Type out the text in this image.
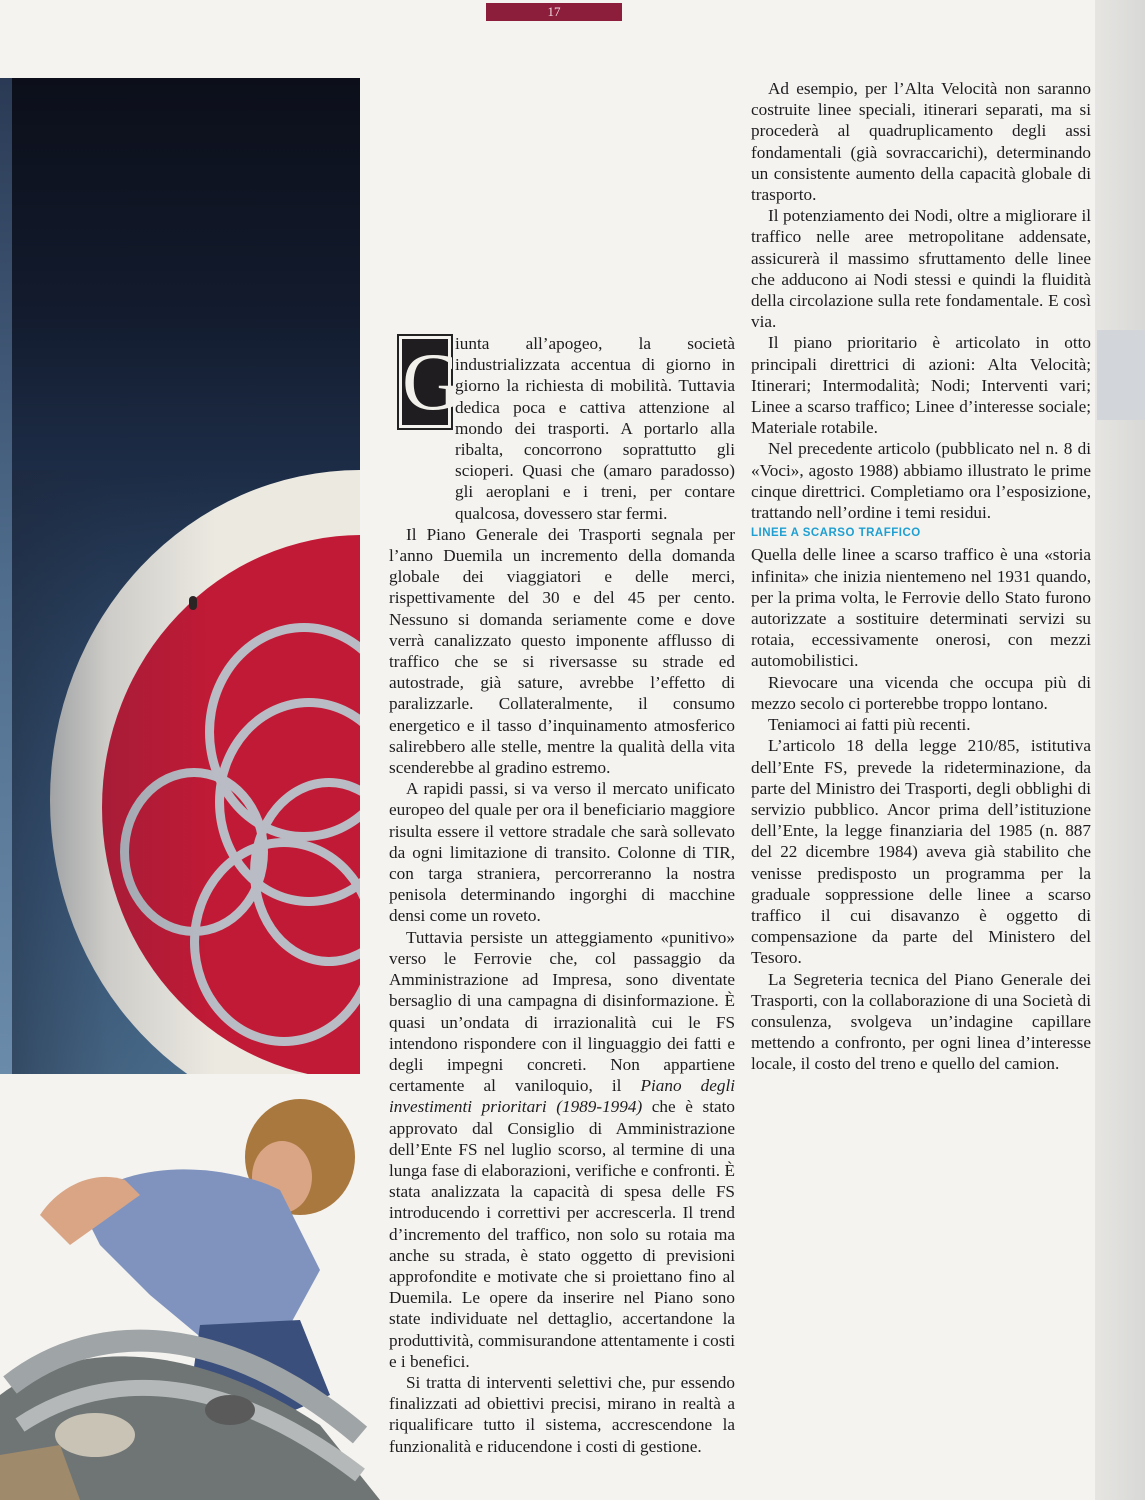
17
G

iunta all’apogeo, la società industrializzata accentua di giorno in giorno la richiesta di mobilità. Tuttavia dedica poca e cattiva attenzione al mondo dei trasporti. A portarlo alla ribalta, concorrono soprattutto gli scioperi. Quasi che (amaro paradosso) gli aeroplani e i treni, per contare qualcosa, dovessero star fermi.

Il Piano Generale dei Trasporti segnala per l’anno Duemila un incremento della domanda globale dei viaggiatori e delle merci, rispettivamente del 30 e del 45 per cento. Nessuno si domanda seriamente come e dove verrà canalizzato questo imponente afflusso di traffico che se si riversasse su strade ed autostrade, già sature, avrebbe l’effetto di paralizzarle. Collateralmente, il consumo energetico e il tasso d’inquinamento atmosferico salirebbero alle stelle, mentre la qualità della vita scenderebbe al gradino estremo.

A rapidi passi, si va verso il mercato unificato europeo del quale per ora il beneficiario maggiore risulta essere il vettore stradale che sarà sollevato da ogni limitazione di transito. Colonne di TIR, con targa straniera, percorreranno la nostra penisola determinando ingorghi di macchine densi come un roveto.

Tuttavia persiste un atteggiamento «punitivo» verso le Ferrovie che, col passaggio da Amministrazione ad Impresa, sono diventate bersaglio di una campagna di disinformazione. È quasi un’ondata di irrazionalità cui le FS intendono rispondere con il linguaggio dei fatti e degli impegni concreti. Non appartiene certamente al vaniloquio, il Piano degli investimenti prioritari (1989-1994) che è stato approvato dal Consiglio di Amministrazione dell’Ente FS nel luglio scorso, al termine di una lunga fase di elaborazioni, verifiche e confronti. È stata analizzata la capacità di spesa delle FS introducendo i correttivi per accrescerla. Il trend d’incremento del traffico, non solo su rotaia ma anche su strada, è stato oggetto di previsioni approfondite e motivate che si proiettano fino al Duemila. Le opere da inserire nel Piano sono state individuate nel dettaglio, accertandone la produttività, commisurandone attentamente i costi e i benefici.

Si tratta di interventi selettivi che, pur essendo finalizzati ad obiettivi precisi, mirano in realtà a riqualificare tutto il sistema, accrescendone la funzionalità e riducendone i costi di gestione.

Ad esempio, per l’Alta Velocità non saranno costruite linee speciali, itinerari separati, ma si procederà al quadruplicamento degli assi fondamentali (già sovraccarichi), determinando un consistente aumento della capacità globale di trasporto.

Il potenziamento dei Nodi, oltre a migliorare il traffico nelle aree metropolitane addensate, assicurerà il massimo sfruttamento delle linee che adducono ai Nodi stessi e quindi la fluidità della circolazione sulla rete fondamentale. E così via.

Il piano prioritario è articolato in otto principali direttrici di azioni: Alta Velocità; Itinerari; Intermodalità; Nodi; Interventi vari; Linee a scarso traffico; Linee d’interesse sociale; Materiale rotabile.

Nel precedente articolo (pubblicato nel n. 8 di «Voci», agosto 1988) abbiamo illustrato le prime cinque direttrici. Completiamo ora l’esposizione, trattando nell’ordine i temi residui.

LINEE A SCARSO TRAFFICO

Quella delle linee a scarso traffico è una «storia infinita» che inizia nientemeno nel 1931 quando, per la prima volta, le Ferrovie dello Stato furono autorizzate a sostituire determinati servizi su rotaia, eccessivamente onerosi, con mezzi automobilistici.

Rievocare una vicenda che occupa più di mezzo secolo ci porterebbe troppo lontano.

Teniamoci ai fatti più recenti.

L’articolo 18 della legge 210/85, istitutiva dell’Ente FS, prevede la rideterminazione, da parte del Ministro dei Trasporti, degli obblighi di servizio pubblico. Ancor prima dell’istituzione dell’Ente, la legge finanziaria del 1985 (n. 887 del 22 dicembre 1984) aveva già stabilito che venisse predisposto un programma per la graduale soppressione delle linee a scarso traffico il cui disavanzo è oggetto di compensazione da parte del Ministero del Tesoro.

La Segreteria tecnica del Piano Generale dei Trasporti, con la collaborazione di una Società di consulenza, svolgeva un’indagine capillare mettendo a confronto, per ogni linea d’interesse locale, il costo del treno e quello del camion.
